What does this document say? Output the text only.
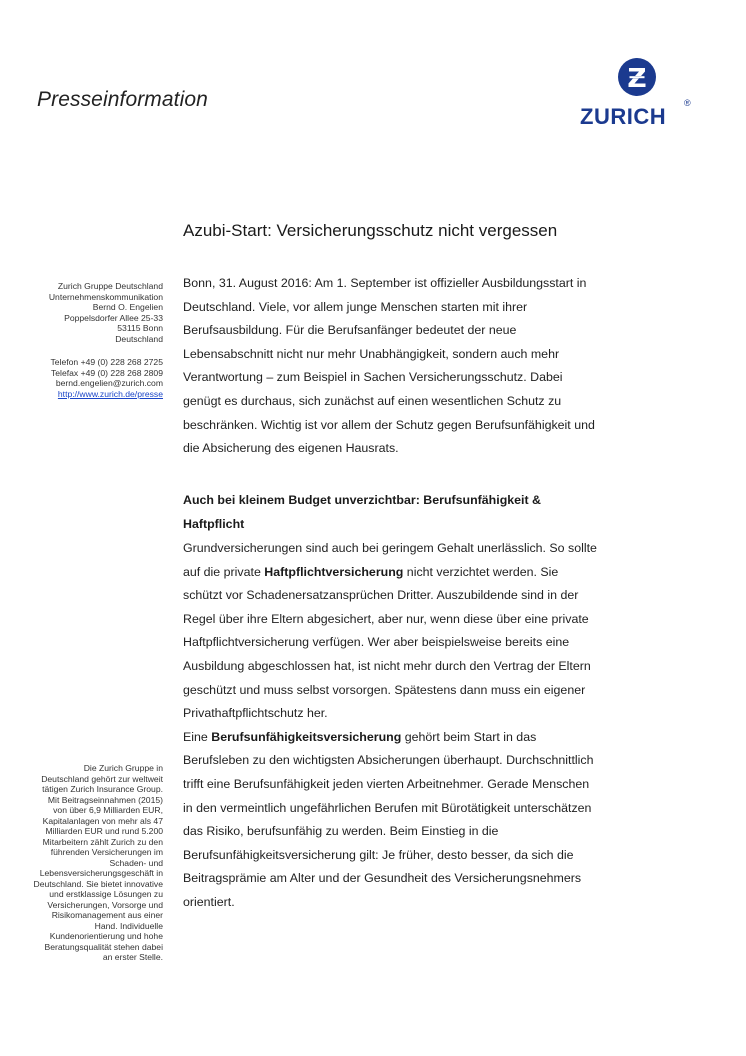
Presseinformation
ZURICH
®
Azubi-Start: Versicherungsschutz nicht vergessen
Zurich Gruppe Deutschland
Unternehmenskommunikation
Bernd O. Engelien
Poppelsdorfer Allee 25-33
53115 Bonn
Deutschland
Telefon +49 (0) 228 268 2725
Telefax +49 (0) 228 268 2809
bernd.engelien@zurich.com
http://www.zurich.de/presse
Die Zurich Gruppe in
Deutschland gehört zur weltweit
tätigen Zurich Insurance Group.
Mit Beitragseinnahmen (2015)
von über 6,9 Milliarden EUR,
Kapitalanlagen von mehr als 47
Milliarden EUR und rund 5.200
Mitarbeitern zählt Zurich zu den
führenden Versicherungen im
Schaden- und
Lebensversicherungsgeschäft in
Deutschland. Sie bietet innovative
und erstklassige Lösungen zu
Versicherungen, Vorsorge und
Risikomanagement aus einer
Hand. Individuelle
Kundenorientierung und hohe
Beratungsqualität stehen dabei
an erster Stelle.
Bonn, 31. August 2016: Am 1. September ist offizieller Ausbildungsstart in
Deutschland. Viele, vor allem junge Menschen starten mit ihrer
Berufsausbildung. Für die Berufsanfänger bedeutet der neue
Lebensabschnitt nicht nur mehr Unabhängigkeit, sondern auch mehr
Verantwortung – zum Beispiel in Sachen Versicherungsschutz. Dabei
genügt es durchaus, sich zunächst auf einen wesentlichen Schutz zu
beschränken. Wichtig ist vor allem der Schutz gegen Berufsunfähigkeit und
die Absicherung des eigenen Hausrats.
Auch bei kleinem Budget unverzichtbar: Berufsunfähigkeit &
Haftpflicht
Grundversicherungen sind auch bei geringem Gehalt unerlässlich. So sollte
auf die private Haftpflichtversicherung nicht verzichtet werden. Sie
schützt vor Schadenersatzansprüchen Dritter. Auszubildende sind in der
Regel über ihre Eltern abgesichert, aber nur, wenn diese über eine private
Haftpflichtversicherung verfügen. Wer aber beispielsweise bereits eine
Ausbildung abgeschlossen hat, ist nicht mehr durch den Vertrag der Eltern
geschützt und muss selbst vorsorgen. Spätestens dann muss ein eigener
Privathaftpflichtschutz her.
Eine Berufsunfähigkeitsversicherung gehört beim Start in das
Berufsleben zu den wichtigsten Absicherungen überhaupt. Durchschnittlich
trifft eine Berufsunfähigkeit jeden vierten Arbeitnehmer. Gerade Menschen
in den vermeintlich ungefährlichen Berufen mit Bürotätigkeit unterschätzen
das Risiko, berufsunfähig zu werden. Beim Einstieg in die
Berufsunfähigkeitsversicherung gilt: Je früher, desto besser, da sich die
Beitragsprämie am Alter und der Gesundheit des Versicherungsnehmers
orientiert.
